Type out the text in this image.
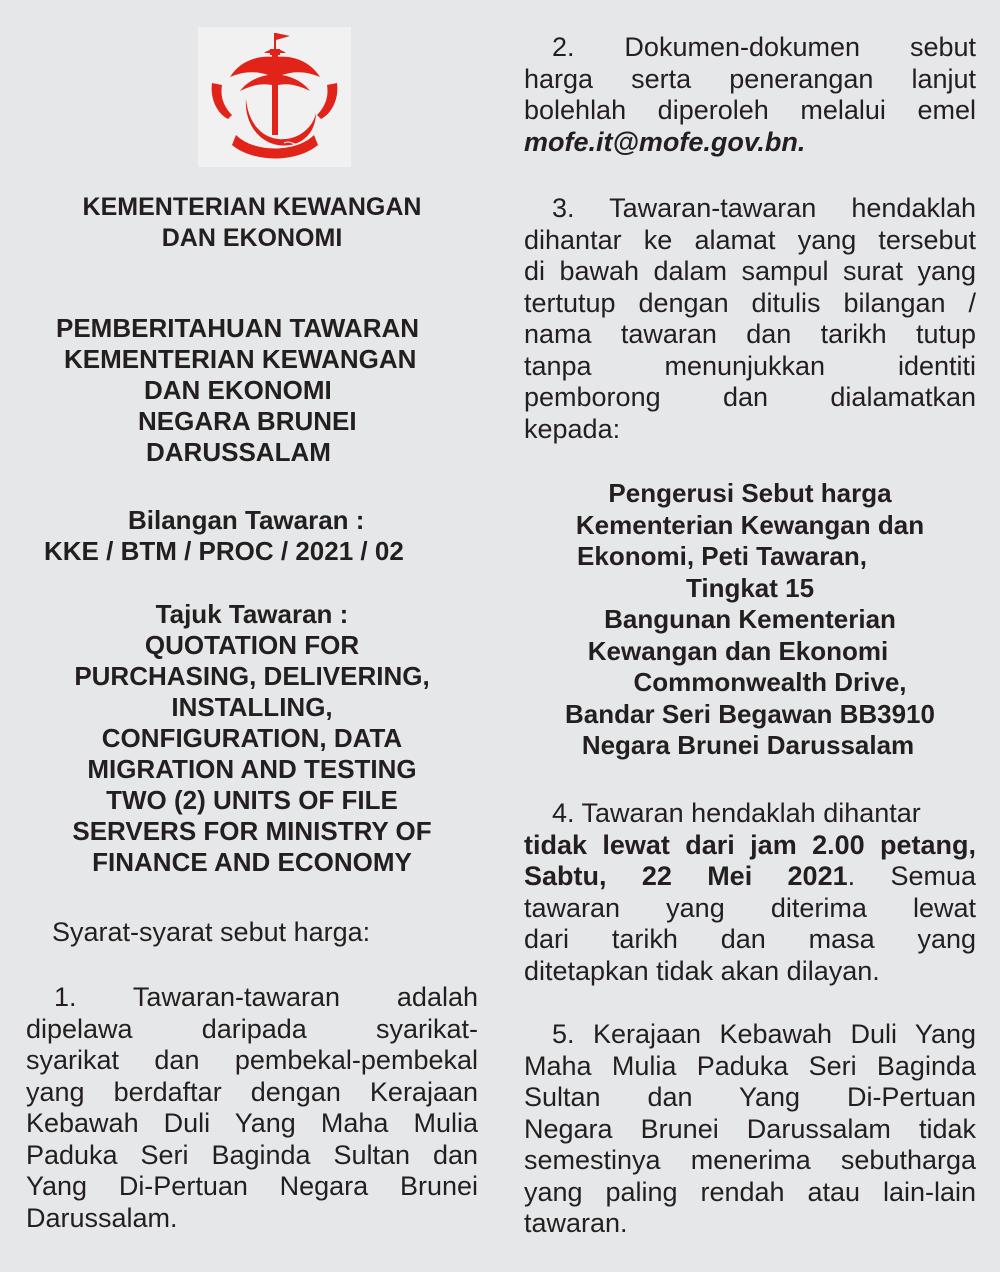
KEMENTERIAN KEWANGAN
DAN EKONOMI
PEMBERITAHUAN TAWARAN
KEMENTERIAN KEWANGAN
DAN EKONOMI
NEGARA BRUNEI
DARUSSALAM
Bilangan Tawaran :
KKE / BTM / PROC / 2021 / 02
Tajuk Tawaran :
QUOTATION FOR
PURCHASING, DELIVERING,
INSTALLING,
CONFIGURATION, DATA
MIGRATION AND TESTING
TWO (2) UNITS OF FILE
SERVERS FOR MINISTRY OF
FINANCE AND ECONOMY
Syarat-syarat sebut harga:
1. Tawaran-tawaran adalah
dipelawa daripada syarikat-
syarikat dan pembekal-pembekal
yang berdaftar dengan Kerajaan
Kebawah Duli Yang Maha Mulia
Paduka Seri Baginda Sultan dan
Yang Di-Pertuan Negara Brunei
Darussalam.
2. Dokumen-dokumen sebut
harga serta penerangan lanjut
bolehlah diperoleh melalui emel
mofe.it@mofe.gov.bn.
3. Tawaran-tawaran hendaklah
dihantar ke alamat yang tersebut
di bawah dalam sampul surat yang
tertutup dengan ditulis bilangan /
nama tawaran dan tarikh tutup
tanpa menunjukkan identiti
pemborong dan dialamatkan
kepada:
Pengerusi Sebut harga
Kementerian Kewangan dan
Ekonomi, Peti Tawaran,
Tingkat 15
Bangunan Kementerian
Kewangan dan Ekonomi
Commonwealth Drive,
Bandar Seri Begawan BB3910
Negara Brunei Darussalam
4. Tawaran hendaklah dihantar
tidak lewat dari jam 2.00 petang,
Sabtu, 22 Mei 2021. Semua
tawaran yang diterima lewat
dari tarikh dan masa yang
ditetapkan tidak akan dilayan.
5. Kerajaan Kebawah Duli Yang
Maha Mulia Paduka Seri Baginda
Sultan dan Yang Di-Pertuan
Negara Brunei Darussalam tidak
semestinya menerima sebutharga
yang paling rendah atau lain-lain
tawaran.
